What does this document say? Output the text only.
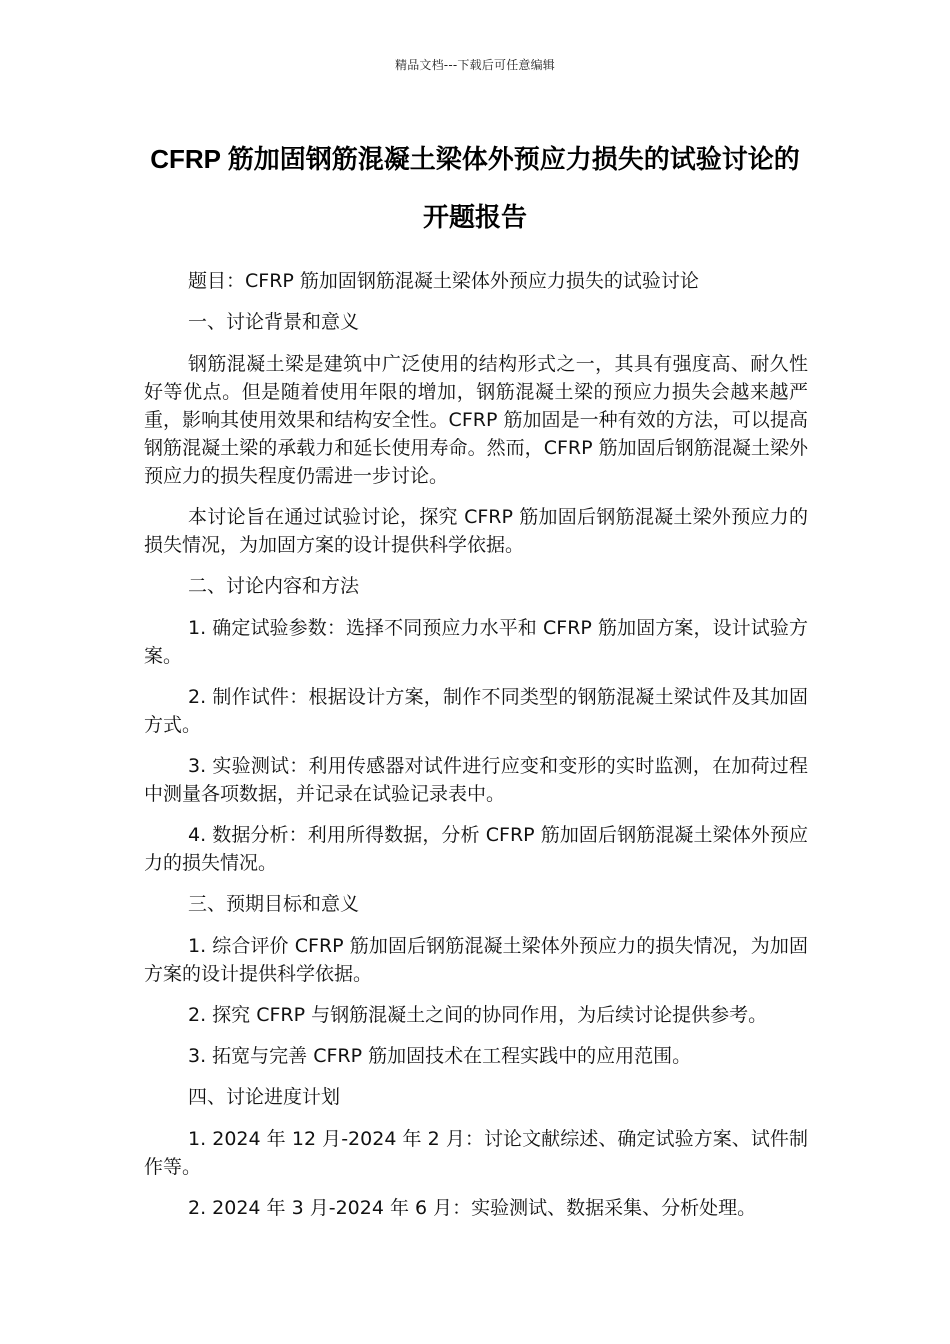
精品文档---下载后可任意编辑
CFRP 筋加固钢筋混凝土梁体外预应力损失的试验讨论的开题报告

题目：CFRP 筋加固钢筋混凝土梁体外预应力损失的试验讨论

一、讨论背景和意义

钢筋混凝土梁是建筑中广泛使用的结构形式之一，其具有强度高、耐久性好等优点。但是随着使用年限的增加，钢筋混凝土梁的预应力损失会越来越严重，影响其使用效果和结构安全性。CFRP 筋加固是一种有效的方法，可以提高钢筋混凝土梁的承载力和延长使用寿命。然而，CFRP 筋加固后钢筋混凝土梁外预应力的损失程度仍需进一步讨论。

本讨论旨在通过试验讨论，探究 CFRP 筋加固后钢筋混凝土梁外预应力的损失情况，为加固方案的设计提供科学依据。

二、讨论内容和方法

1. 确定试验参数：选择不同预应力水平和 CFRP 筋加固方案，设计试验方案。

2. 制作试件：根据设计方案，制作不同类型的钢筋混凝土梁试件及其加固方式。

3. 实验测试：利用传感器对试件进行应变和变形的实时监测，在加荷过程中测量各项数据，并记录在试验记录表中。

4. 数据分析：利用所得数据，分析 CFRP 筋加固后钢筋混凝土梁体外预应力的损失情况。

三、预期目标和意义

1. 综合评价 CFRP 筋加固后钢筋混凝土梁体外预应力的损失情况，为加固方案的设计提供科学依据。

2. 探究 CFRP 与钢筋混凝土之间的协同作用，为后续讨论提供参考。

3. 拓宽与完善 CFRP 筋加固技术在工程实践中的应用范围。

四、讨论进度计划

1. 2024 年 12 月-2024 年 2 月：讨论文献综述、确定试验方案、试件制作等。

2. 2024 年 3 月-2024 年 6 月：实验测试、数据采集、分析处理。
